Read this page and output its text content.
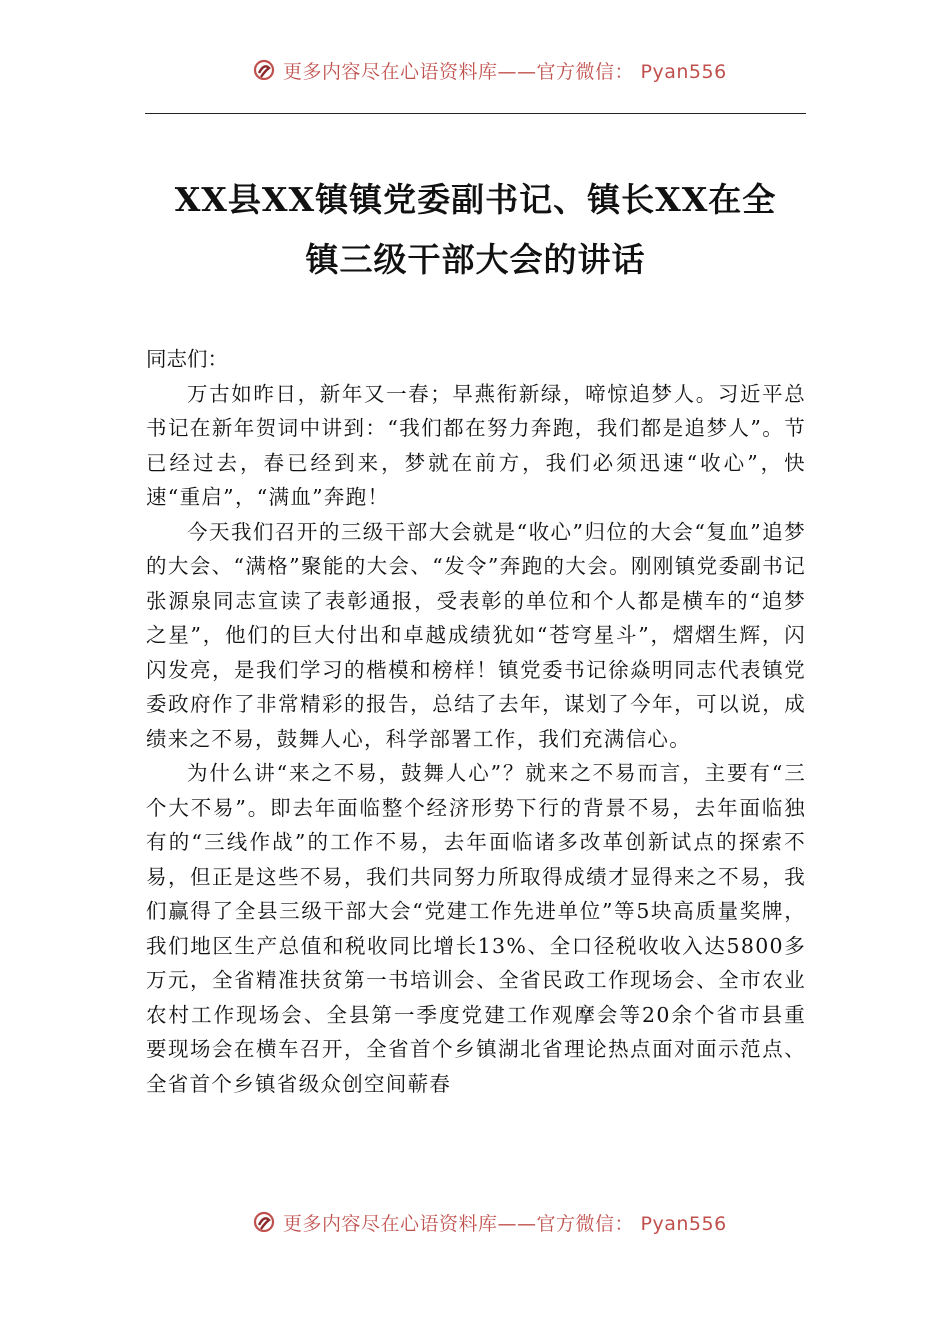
更多内容尽在心语资料库——官方微信： Pyan556
XX县XX镇镇党委副书记、镇长XX在全
镇三级干部大会的讲话

同志们：

万古如昨日，新年又一春；早燕衔新绿，啼惊追梦人。习近平总书记在新年贺词中讲到：“我们都在努力奔跑，我们都是追梦人”。节已经过去，春已经到来，梦就在前方，我们必须迅速“收心”，快速“重启”，“满血”奔跑！

今天我们召开的三级干部大会就是“收心”归位的大会“复血”追梦的大会、“满格”聚能的大会、“发令”奔跑的大会。刚刚镇党委副书记张源泉同志宣读了表彰通报，受表彰的单位和个人都是横车的“追梦之星”，他们的巨大付出和卓越成绩犹如“苍穹星斗”，熠熠生辉，闪闪发亮，是我们学习的楷模和榜样！镇党委书记徐焱明同志代表镇党委政府作了非常精彩的报告，总结了去年，谋划了今年，可以说，成绩来之不易，鼓舞人心，科学部署工作，我们充满信心。

为什么讲“来之不易，鼓舞人心”？就来之不易而言，主要有“三个大不易”。即去年面临整个经济形势下行的背景不易，去年面临独有的“三线作战”的工作不易，去年面临诸多改革创新试点的探索不易，但正是这些不易，我们共同努力所取得成绩才显得来之不易，我们赢得了全县三级干部大会“党建工作先进单位”等5块高质量奖牌，我们地区生产总值和税收同比增长13%、全口径税收收入达5800多万元，全省精准扶贫第一书培训会、全省民政工作现场会、全市农业农村工作现场会、全县第一季度党建工作观摩会等20余个省市县重要现场会在横车召开，全省首个乡镇湖北省理论热点面对面示范点、全省首个乡镇省级众创空间蕲春

更多内容尽在心语资料库——官方微信： Pyan556
